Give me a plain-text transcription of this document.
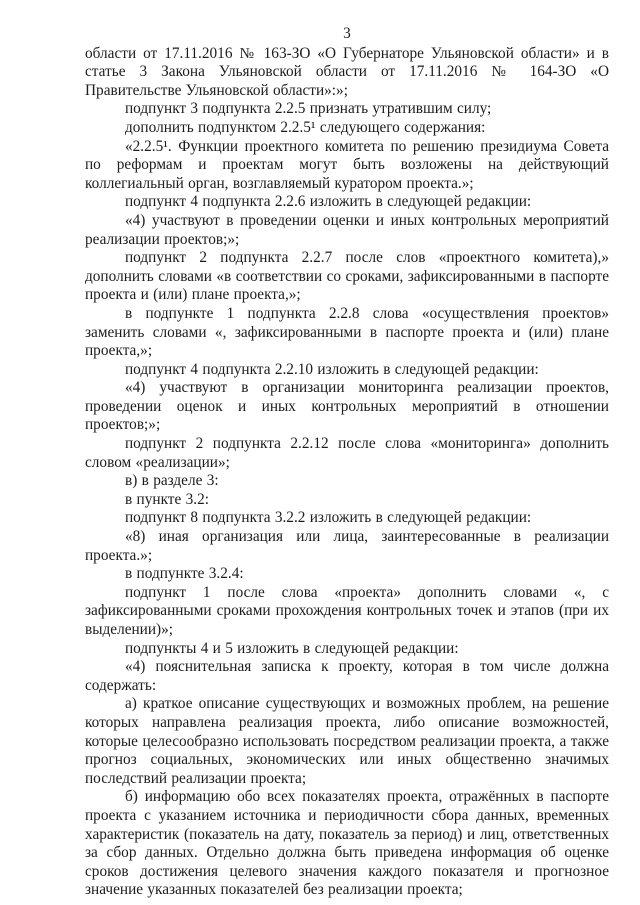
3

области от 17.11.2016 № 163-ЗО «О Губернаторе Ульяновской области» и в статье 3 Закона Ульяновской области от 17.11.2016 № 164-ЗО «О Правительстве Ульяновской области»:»;

подпункт 3 подпункта 2.2.5 признать утратившим силу;

дополнить подпунктом 2.2.5¹ следующего содержания:

«2.2.5¹. Функции проектного комитета по решению президиума Совета по реформам и проектам могут быть возложены на действующий коллегиальный орган, возглавляемый куратором проекта.»;

подпункт 4 подпункта 2.2.6 изложить в следующей редакции:

«4) участвуют в проведении оценки и иных контрольных мероприятий реализации проектов;»;

подпункт 2 подпункта 2.2.7 после слов «проектного комитета),» дополнить словами «в соответствии со сроками, зафиксированными в паспорте проекта и (или) плане проекта,»;

в подпункте 1 подпункта 2.2.8 слова «осуществления проектов» заменить словами «, зафиксированными в паспорте проекта и (или) плане проекта,»;

подпункт 4 подпункта 2.2.10 изложить в следующей редакции:

«4) участвуют в организации мониторинга реализации проектов, проведении оценок и иных контрольных мероприятий в отношении проектов;»;

подпункт 2 подпункта 2.2.12 после слова «мониторинга» дополнить словом «реализации»;

в) в разделе 3:

в пункте 3.2:

подпункт 8 подпункта 3.2.2 изложить в следующей редакции:

«8) иная организация или лица, заинтересованные в реализации проекта.»;

в подпункте 3.2.4:

подпункт 1 после слова «проекта» дополнить словами «, с зафиксированными сроками прохождения контрольных точек и этапов (при их выделении)»;

подпункты 4 и 5 изложить в следующей редакции:

«4) пояснительная записка к проекту, которая в том числе должна содержать:

а) краткое описание существующих и возможных проблем, на решение которых направлена реализация проекта, либо описание возможностей, которые целесообразно использовать посредством реализации проекта, а также прогноз социальных, экономических или иных общественно значимых последствий реализации проекта;

б) информацию обо всех показателях проекта, отражённых в паспорте проекта с указанием источника и периодичности сбора данных, временных характеристик (показатель на дату, показатель за период) и лиц, ответственных за сбор данных. Отдельно должна быть приведена информация об оценке сроков достижения целевого значения каждого показателя и прогнозное значение указанных показателей без реализации проекта;
